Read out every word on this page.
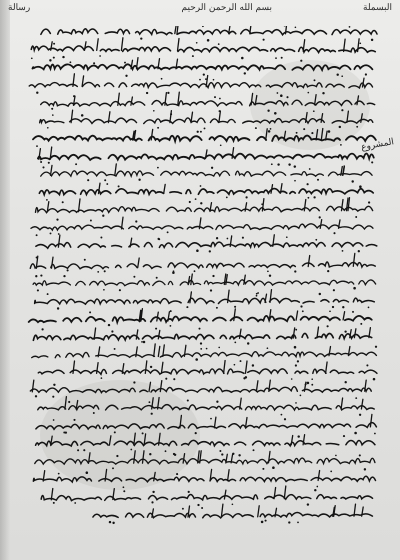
البسملة
بسم الله الرحمن الرحيم
رسالة
المشروع
